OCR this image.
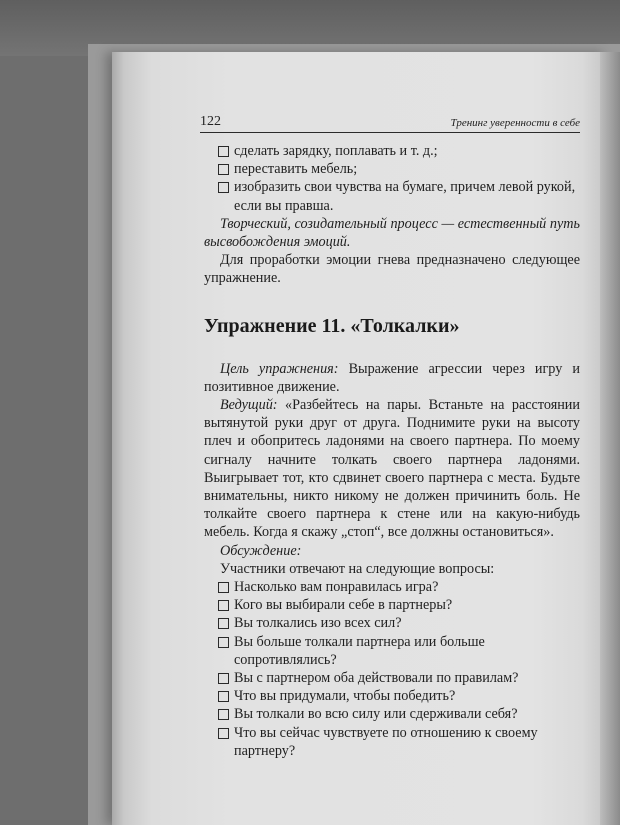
122	Тренинг уверенности в себе
сделать зарядку, поплавать и т. д.;
переставить мебель;
изобразить свои чувства на бумаге, причем левой рукой, если вы правша.
Творческий, созидательный процесс — естественный путь высвобождения эмоций.
Для проработки эмоции гнева предназначено следующее упражнение.
Упражнение 11. «Толкалки»
Цель упражнения: Выражение агрессии через игру и позитивное движение.
Ведущий: «Разбейтесь на пары. Встаньте на расстоянии вытянутой руки друг от друга. Поднимите руки на высоту плеч и обопритесь ладонями на своего партнера. По моему сигналу начните толкать своего партнера ладонями. Выигрывает тот, кто сдвинет своего партнера с места. Будьте внимательны, никто никому не должен причинить боль. Не толкайте своего партнера к стене или на какую-нибудь мебель. Когда я скажу „стоп“, все должны остановиться».
Обсуждение:
Участники отвечают на следующие вопросы:
Насколько вам понравилась игра?
Кого вы выбирали себе в партнеры?
Вы толкались изо всех сил?
Вы больше толкали партнера или больше сопротивлялись?
Вы с партнером оба действовали по правилам?
Что вы придумали, чтобы победить?
Вы толкали во всю силу или сдерживали себя?
Что вы сейчас чувствуете по отношению к своему партнеру?
